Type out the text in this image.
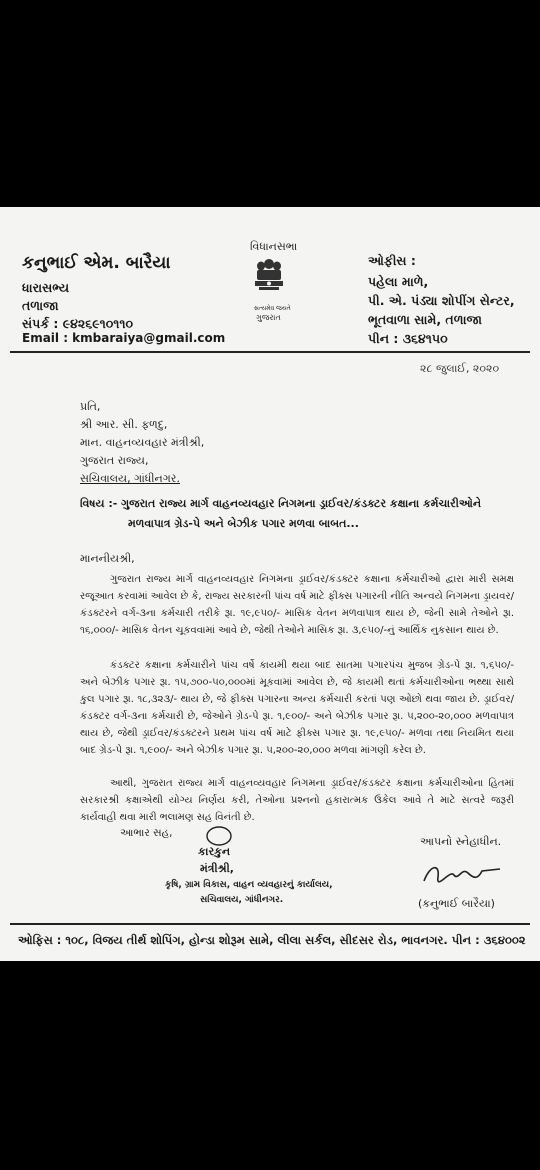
કનુભાઈ એમ. બારૈયા
ધારાસભ્ય
તળાજા
સંપર્ક : ૯૪૨૬૯૧૦૧૧૦
Email : kmbaraiya@gmail.com
વિધાનસભા
સત્યમેવ જયતે
ગુજરાત
ઓફીસ :
પહેલા માળે,
પી. એ. પંડ્યા શોપીંગ સેન્ટર,
ભૂતવાળા સામે, તળાજા
પીન : ૩૬૪૧૫૦
૨૮ જુલાઈ, ૨૦૨૦
પ્રતિ,
શ્રી આર. સી. ફળદુ,
માન. વાહનવ્યવહાર મંત્રીશ્રી,
ગુજરાત રાજ્ય,
સચિવાલય, ગાંધીનગર.
વિષય :- ગુજરાત રાજ્ય માર્ગ વાહનવ્યવહાર નિગમના ડ્રાઈવર/કંડક્ટર કક્ષાના કર્મચારીઓને
મળવાપાત્ર ગ્રેડ-પે અને બેઝીક પગાર મળવા બાબત...
માનનીયશ્રી,
ગુજરાત રાજ્ય માર્ગ વાહનવ્યવહાર નિગમના ડ્રાઈવર/કંડક્ટર કક્ષાના કર્મચારીઓ દ્વારા મારી સમક્ષ રજૂઆત કરવામાં આવેલ છે કે, રાજ્ય સરકારની પાંચ વર્ષ માટે ફીક્સ પગારની નીતિ અન્વયે નિગમના ડ્રાયવર/કંડક્ટરને વર્ગ-૩ના કર્મચારી તરીકે રૂા. ૧૯,૯૫૦/- માસિક વેતન મળવાપાત્ર થાય છે, જેની સામે તેઓને રૂા. ૧૬,૦૦૦/- માસિક વેતન ચૂકવવામાં આવે છે, જેથી તેઓને માસિક રૂા. ૩,૯૫૦/-નું આર્થિક નુકસાન થાય છે.
કંડક્ટર કક્ષાના કર્મચારીને પાંચ વર્ષે કાયમી થયા બાદ સાતમા પગારપંચ મુજબ ગ્રેડ-પે રૂા. ૧,૬૫૦/- અને બેઝીક પગાર રૂા. ૧૫,૭૦૦-૫૦,૦૦૦માં મૂકવામાં આવેલ છે, જે કાયમી થતાં કર્મચારીઓના ભથ્થા સાથે કુલ પગાર રૂા. ૧૮,૩૨૩/- થાય છે, જે ફીક્સ પગારના અન્ય કર્મચારી કરતાં પણ ઓછો થવા જાય છે. ડ્રાઈવર/કંડક્ટર વર્ગ-૩ના કર્મચારી છે, જેઓને ગ્રેડ-પે રૂા. ૧,૯૦૦/- અને બેઝીક પગાર રૂા. ૫,૨૦૦-૨૦,૦૦૦ મળવાપાત્ર થાય છે, જેથી ડ્રાઈવર/કંડક્ટરને પ્રથમ પાંચ વર્ષ માટે ફીક્સ પગાર રૂા. ૧૯,૯૫૦/- મળવા તથા નિયમિત થયા બાદ ગ્રેડ-પે રૂા. ૧,૯૦૦/- અને બેઝીક પગાર રૂા. ૫,૨૦૦-૨૦,૦૦૦ મળવા માંગણી કરેલ છે.
આથી, ગુજરાત રાજ્ય માર્ગ વાહનવ્યવહાર નિગમના ડ્રાઈવર/કંડક્ટર કક્ષાના કર્મચારીઓના હિતમાં સરકારશ્રી કક્ષાએથી યોગ્ય નિર્ણય કરી, તેઓના પ્રશ્નનો હકારાત્મક ઉકેલ આવે તે માટે સત્વરે જરૂરી કાર્યવાહી થવા મારી ભલામણ સહ વિનંતી છે.
આભાર સહ,
કારકુન
મંત્રીશ્રી,
કૃષિ, ગ્રામ વિકાસ, વાહન વ્યવહારનું કાર્યાલય,
સચિવાલય, ગાંધીનગર.
આપનો સ્નેહાધીન.
(કનુભાઈ બારૈયા)
ઓફિસ : ૧૦૮, વિજય તીર્થ શોપિંગ, હોન્ડા શોરૂમ સામે, લીલા સર્કલ, સીદસર રોડ, ભાવનગર. પીન : ૩૬૪૦૦૨
